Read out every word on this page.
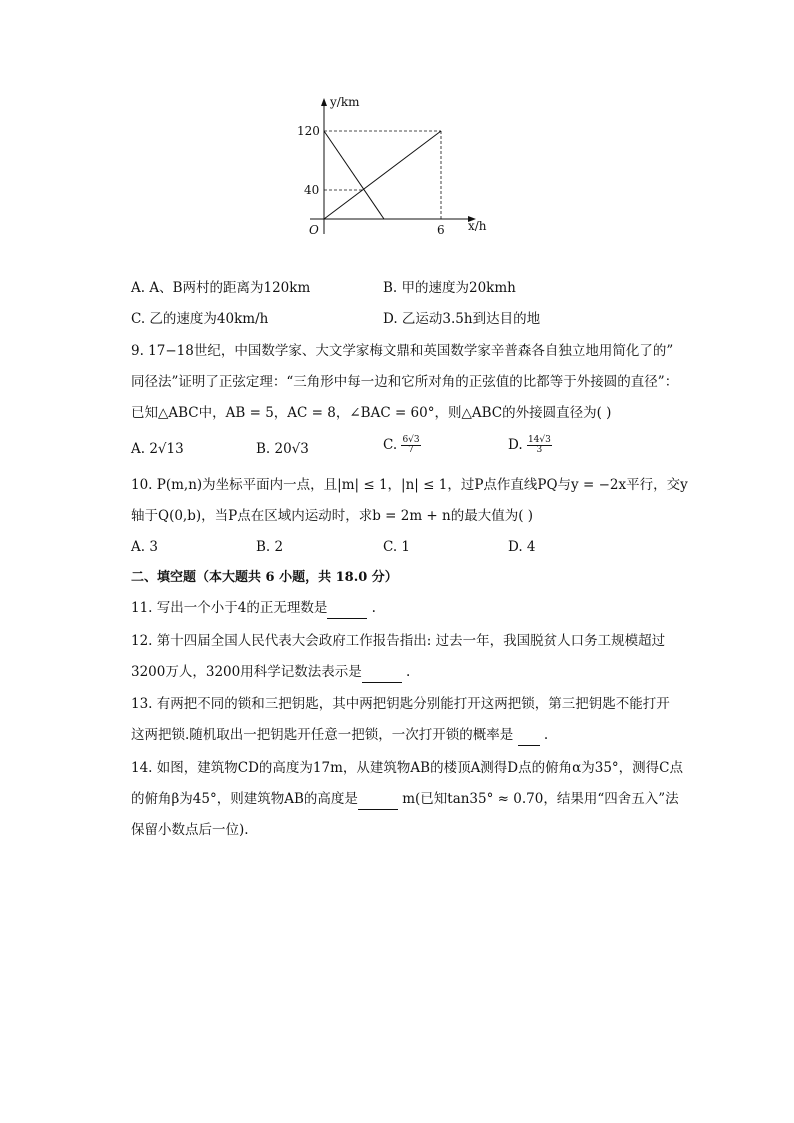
y/km
x/h
120
40
6
O
A. A、B两村的距离为120km	B. 甲的速度为20kmh
C. 乙的速度为40km/h	D. 乙运动3.5h到达目的地
9. 17−18世纪，中国数学家、大文学家梅文鼎和英国数学家辛普森各自独立地用简化了的”
同径法”证明了正弦定理：“三角形中每一边和它所对角的正弦值的比都等于外接圆的直径”：
已知△ABC中，AB = 5，AC = 8，∠BAC = 60°，则△ABC的外接圆直径为( )
A. 2√13	B. 20√3	C. $\frac{6√3}{7}$	D. $\frac{14√3}{3}$
10. P(m,n)为坐标平面内一点，且|m| ≤ 1，|n| ≤ 1，过P点作直线PQ与y = −2x平行，交y
轴于Q(0,b)，当P点在区域内运动时，求b = 2m + n的最大值为( )
A. 3	B. 2	C. 1	D. 4
二、填空题（本大题共 6 小题，共 18.0 分）
11. 写出一个小于4的正无理数是	.
12. 第十四届全国人民代表大会政府工作报告指出: 过去一年，我国脱贫人口务工规模超过
3200万人，3200用科学记数法表示是	.
13. 有两把不同的锁和三把钥匙，其中两把钥匙分别能打开这两把锁，第三把钥匙不能打开
这两把锁.随机取出一把钥匙开任意一把锁，一次打开锁的概率是  .
14. 如图，建筑物CD的高度为17m，从建筑物AB的楼顶A测得D点的俯角α为35°，测得C点
的俯角β为45°，则建筑物AB的高度是	m(已知tan35° ≈ 0.70，结果用“四舍五入”法
保留小数点后一位).
